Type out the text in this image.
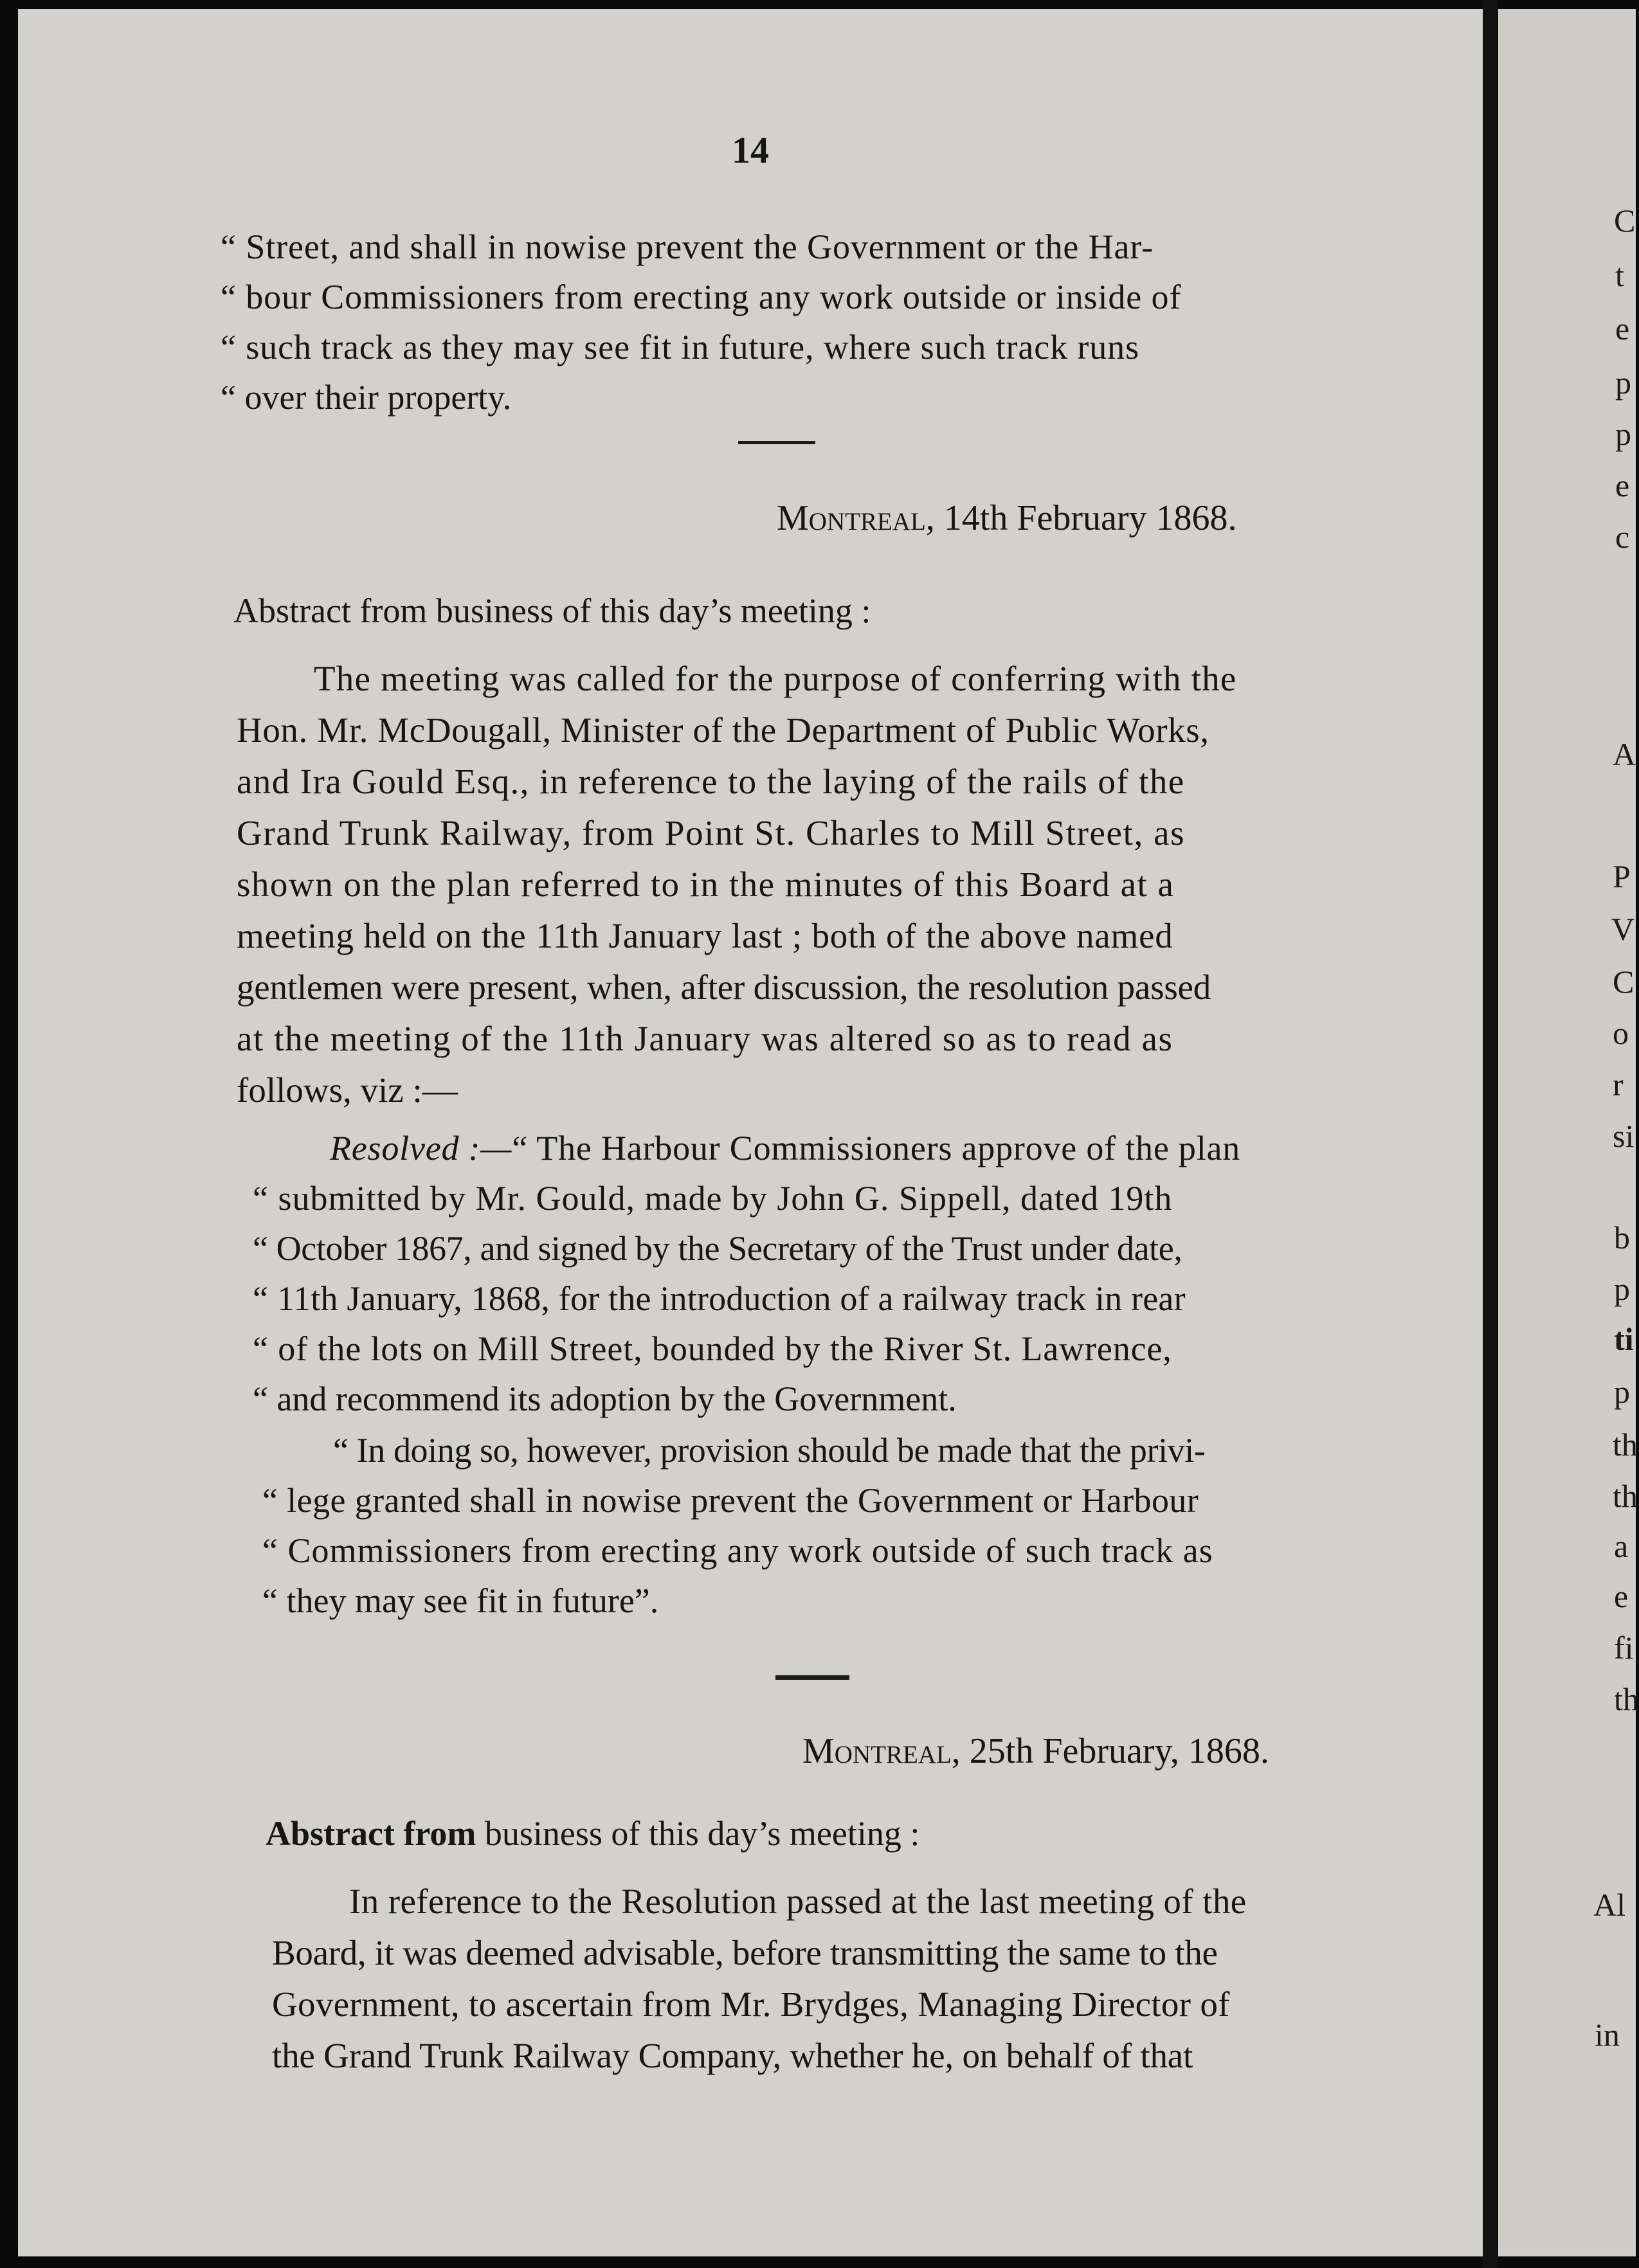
14
“ Street, and shall in nowise prevent the Government or the Har-
“ bour Commissioners from erecting any work outside or inside of
“ such track as they may see fit in future, where such track runs
“ over their property.
Montreal, 14th February 1868.
Abstract from business of this day’s meeting :
The meeting was called for the purpose of conferring with the
Hon. Mr. McDougall, Minister of the Department of Public Works,
and Ira Gould Esq., in reference to the laying of the rails of the
Grand Trunk Railway, from Point St. Charles to Mill Street, as
shown on the plan referred to in the minutes of this Board at a
meeting held on the 11th January last ; both of the above named
gentlemen were present, when, after discussion, the resolution passed
at the meeting of the 11th January was altered so as to read as
follows, viz :—
Resolved :—“ The Harbour Commissioners approve of the plan
“ submitted by Mr. Gould, made by John G. Sippell, dated 19th
“ October 1867, and signed by the Secretary of the Trust under date,
“ 11th January, 1868, for the introduction of a railway track in rear
“ of the lots on Mill Street, bounded by the River St. Lawrence,
“ and recommend its adoption by the Government.
“ In doing so, however, provision should be made that the privi-
“ lege granted shall in nowise prevent the Government or Harbour
“ Commissioners from erecting any work outside of such track as
“ they may see fit in future”.
Montreal, 25th February, 1868.
Abstract from business of this day’s meeting :
In reference to the Resolution passed at the last meeting of the
Board, it was deemed advisable, before transmitting the same to the
Government, to ascertain from Mr. Brydges, Managing Director of
the Grand Trunk Railway Company, whether he, on behalf of that
C
t
e
p
p
e
c
A
P
V
C
o
r
si
b
p
ti
p
th
th
a
e
fi
th
Al
in
